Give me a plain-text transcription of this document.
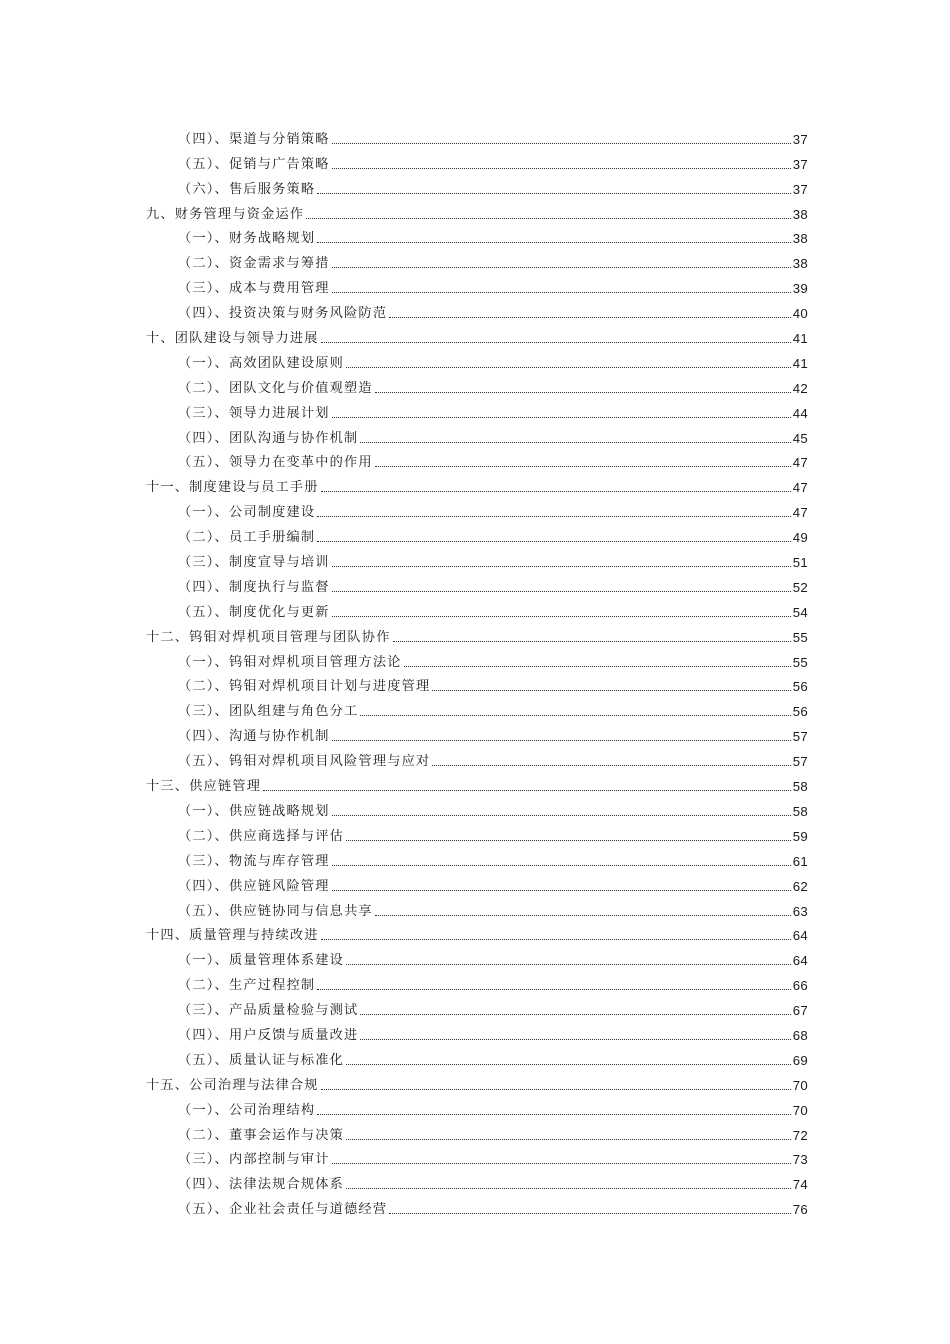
（四）、渠道与分销策略	37
（五）、促销与广告策略	37
（六）、售后服务策略	37
九、财务管理与资金运作	38
（一）、财务战略规划	38
（二）、资金需求与筹措	38
（三）、成本与费用管理	39
（四）、投资决策与财务风险防范	40
十、团队建设与领导力进展	41
（一）、高效团队建设原则	41
（二）、团队文化与价值观塑造	42
（三）、领导力进展计划	44
（四）、团队沟通与协作机制	45
（五）、领导力在变革中的作用	47
十一、制度建设与员工手册	47
（一）、公司制度建设	47
（二）、员工手册编制	49
（三）、制度宣导与培训	51
（四）、制度执行与监督	52
（五）、制度优化与更新	54
十二、钨钼对焊机项目管理与团队协作	55
（一）、钨钼对焊机项目管理方法论	55
（二）、钨钼对焊机项目计划与进度管理	56
（三）、团队组建与角色分工	56
（四）、沟通与协作机制	57
（五）、钨钼对焊机项目风险管理与应对	57
十三、供应链管理	58
（一）、供应链战略规划	58
（二）、供应商选择与评估	59
（三）、物流与库存管理	61
（四）、供应链风险管理	62
（五）、供应链协同与信息共享	63
十四、质量管理与持续改进	64
（一）、质量管理体系建设	64
（二）、生产过程控制	66
（三）、产品质量检验与测试	67
（四）、用户反馈与质量改进	68
（五）、质量认证与标准化	69
十五、公司治理与法律合规	70
（一）、公司治理结构	70
（二）、董事会运作与决策	72
（三）、内部控制与审计	73
（四）、法律法规合规体系	74
（五）、企业社会责任与道德经营	76
